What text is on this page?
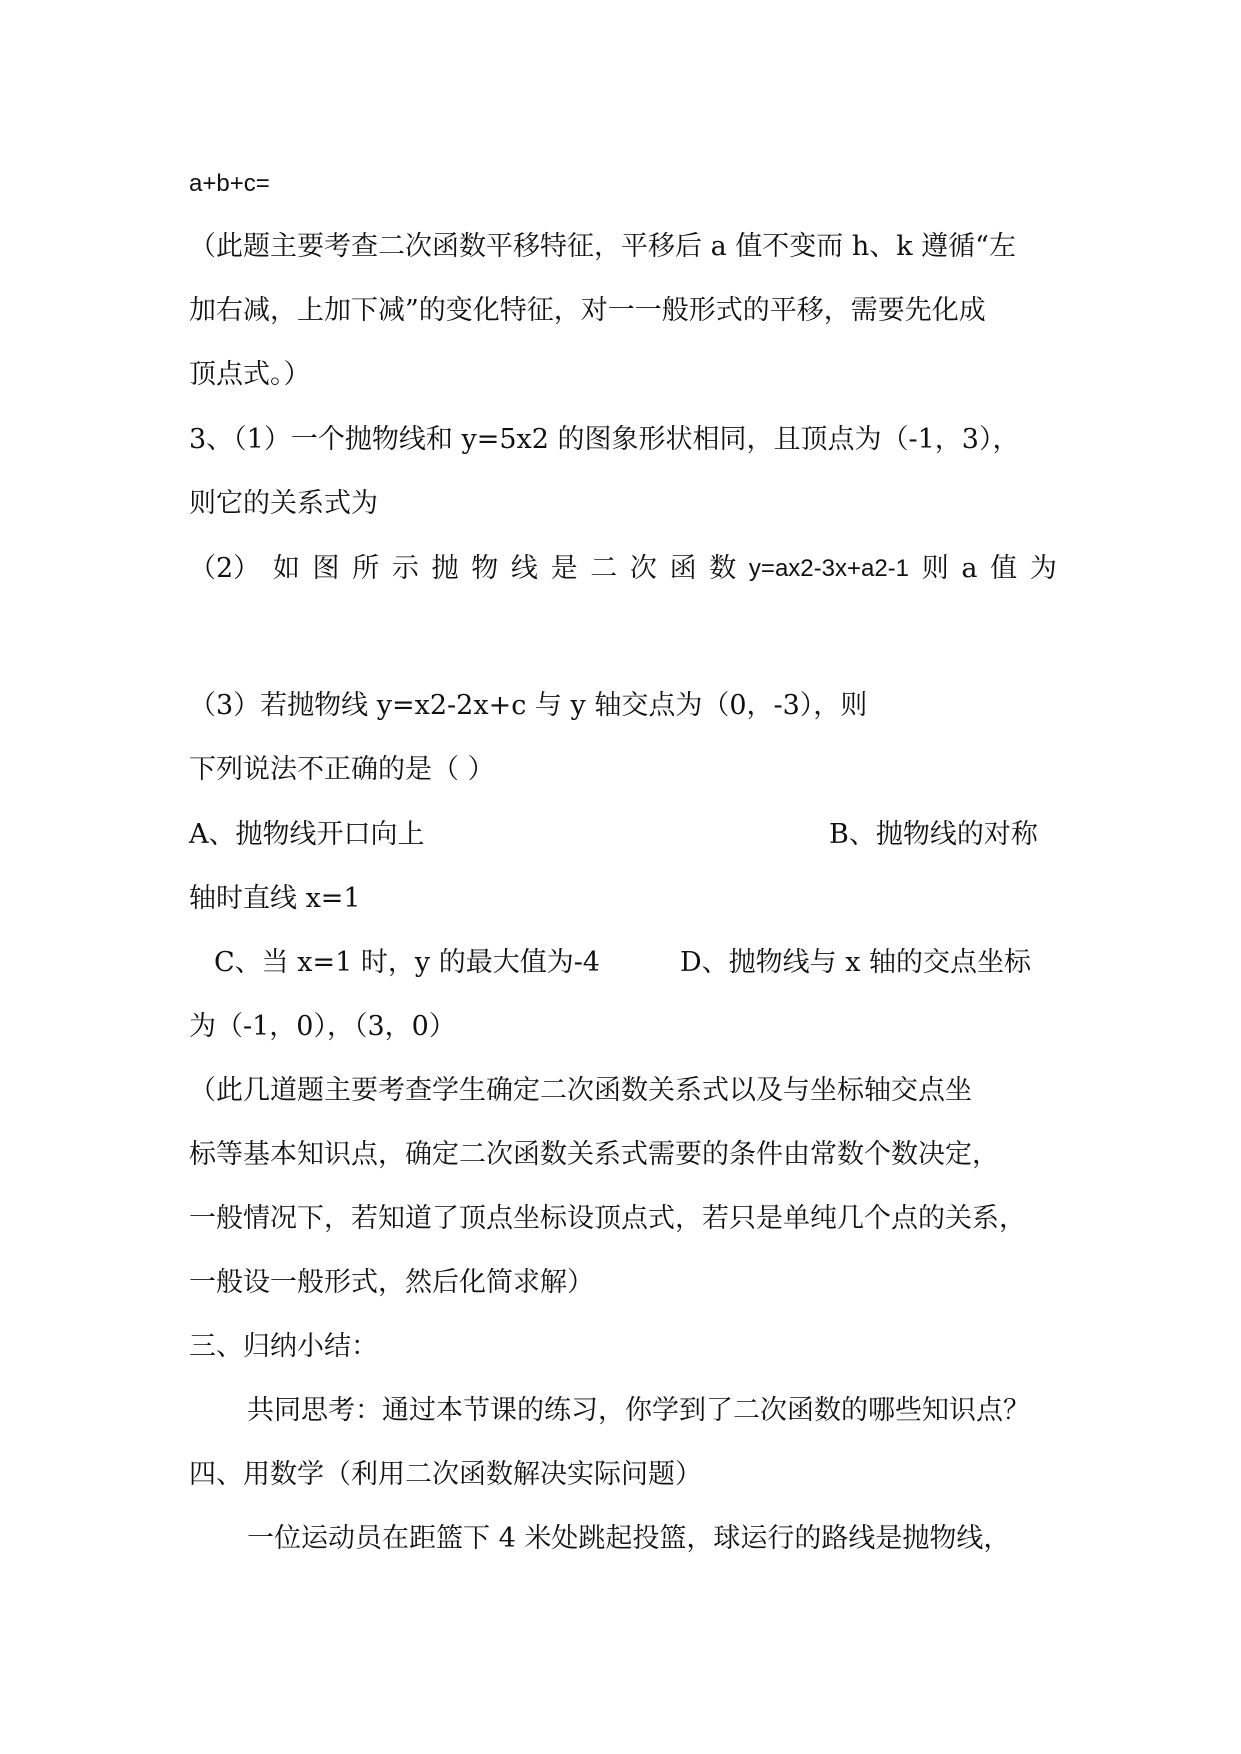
a+b+c=
（此题主要考查二次函数平移特征，平移后 a 值不变而 h、k 遵循“左
加右减，上加下减”的变化特征，对一一般形式的平移，需要先化成
顶点式。）
3、（1）一个抛物线和 y=5x2 的图象形状相同，且顶点为（-1，3），
则它的关系式为
（2） 如 图 所 示 抛 物 线 是 二 次 函 数 y=ax2-3x+a2-1 则 a 值 为
（3）若抛物线 y=x2-2x+c 与 y 轴交点为（0，-3），则
下列说法不正确的是（ ）
A、抛物线开口向上	B、抛物线的对称
轴时直线 x=1
C、当 x=1 时，y 的最大值为-4	D、抛物线与 x 轴的交点坐标
为（-1，0），（3，0）
（此几道题主要考查学生确定二次函数关系式以及与坐标轴交点坐
标等基本知识点，确定二次函数关系式需要的条件由常数个数决定，
一般情况下，若知道了顶点坐标设顶点式，若只是单纯几个点的关系，
一般设一般形式，然后化简求解）
三、归纳小结：
共同思考：通过本节课的练习，你学到了二次函数的哪些知识点？
四、用数学（利用二次函数解决实际问题）
一位运动员在距篮下 4 米处跳起投篮，球运行的路线是抛物线，
